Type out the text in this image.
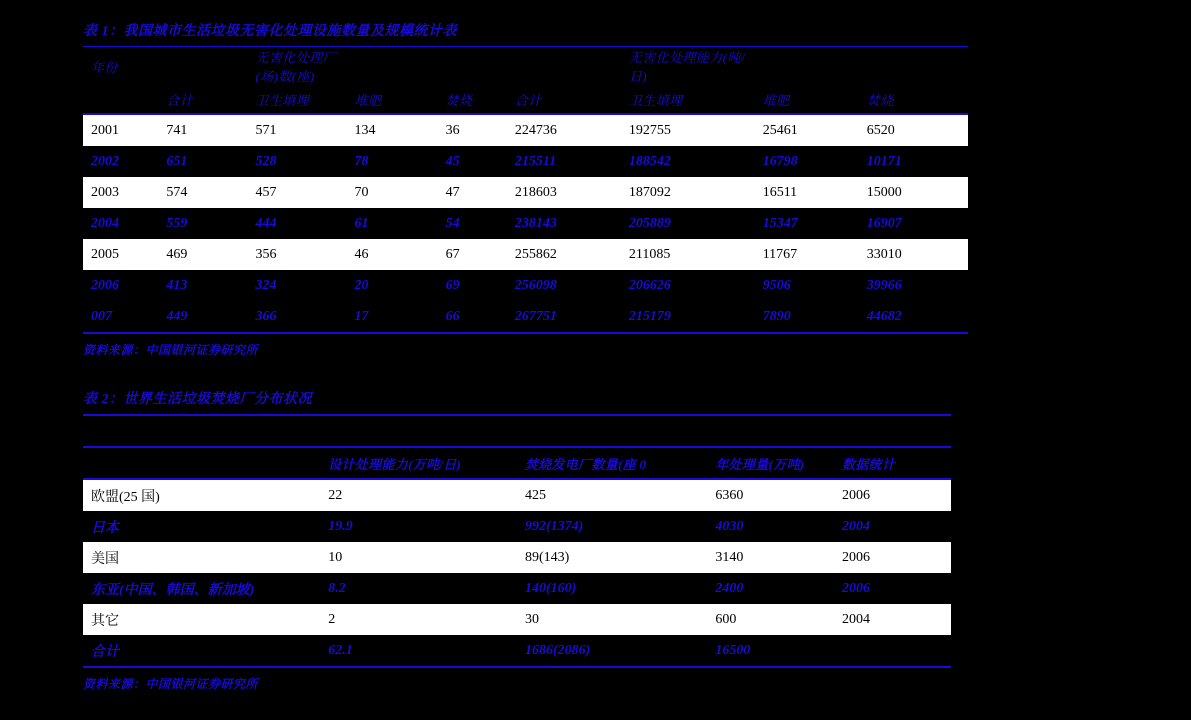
表 1：我国城市生活垃圾无害化处理设施数量及规模统计表
年份		无害化处理厂(场)数(座)				无害化处理能力(吨/日)		
	合计	卫生填埋	堆肥	焚烧	合计	卫生填埋	堆肥	焚烧
2001	741	571	134	36	224736	192755	25461	6520
2002	651	528	78	45	215511	188542	16798	10171
2003	574	457	70	47	218603	187092	16511	15000
2004	559	444	61	54	238143	205889	15347	16907
2005	469	356	46	67	255862	211085	11767	33010
2006	413	324	20	69	256098	206626	9506	39966
007	449	366	17	66	267751	215179	7890	44682
资料来源：中国银河证券研究所
表 2：世界生活垃圾焚烧厂分布状况

	设计处理能力(万吨/日)	焚烧发电厂数量(座 0	年处理量(万吨)	数据统计
欧盟(25 国)	22	425	6360	2006
日本	19.9	992(1374)	4030	2004
美国	10	89(143)	3140	2006
东亚(中国、韩国、新加坡)	8.2	140(160)	2400	2006
其它	2	30	600	2004
合计	62.1	1686(2086)	16500	
资料来源：中国银河证券研究所
